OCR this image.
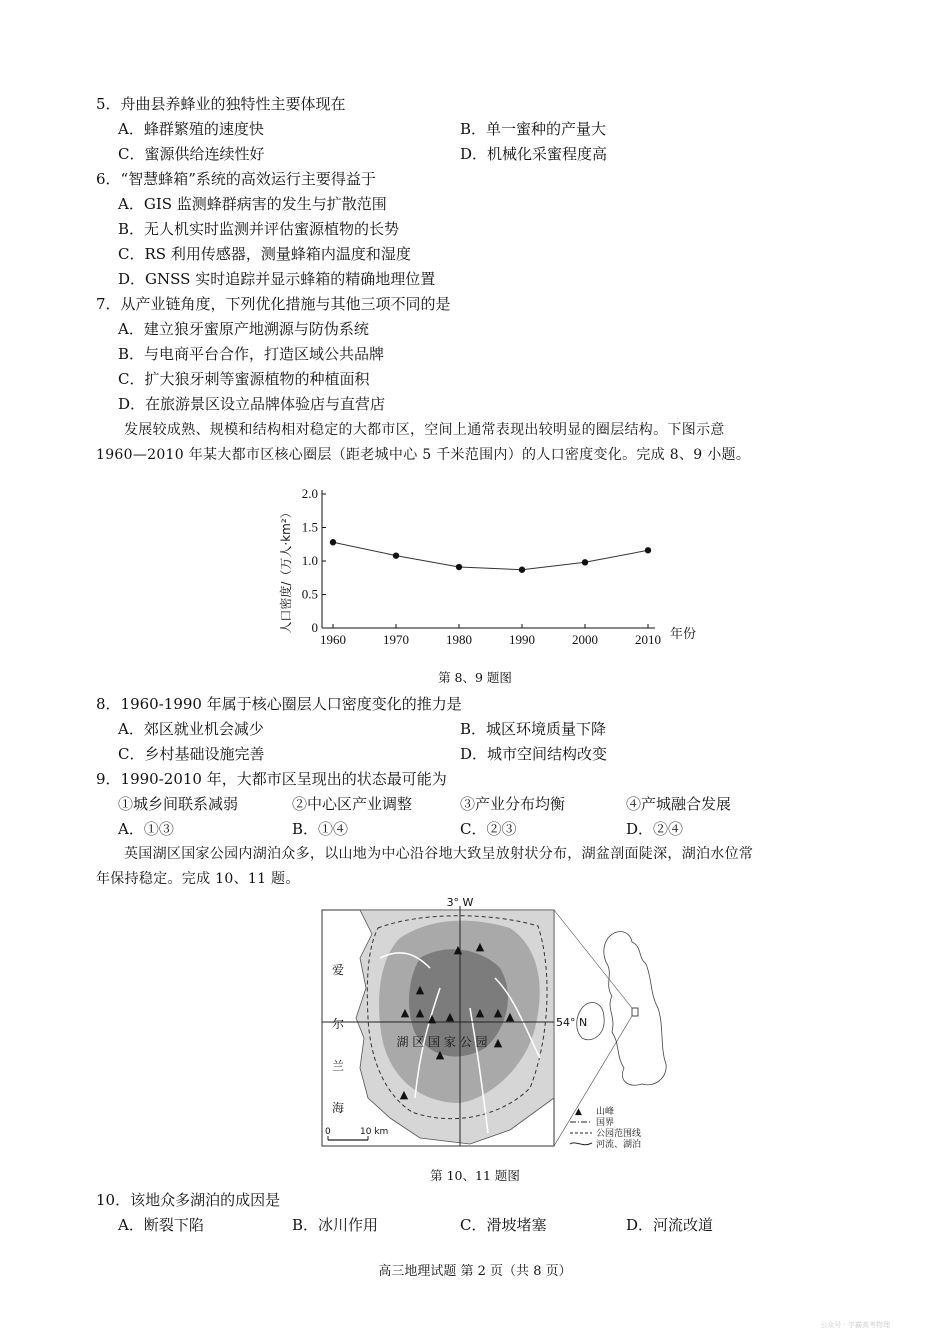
5．舟曲县养蜂业的独特性主要体现在
A．蜂群繁殖的速度快	B．单一蜜种的产量大
C．蜜源供给连续性好	D．机械化采蜜程度高
6．“智慧蜂箱”系统的高效运行主要得益于
A．GIS 监测蜂群病害的发生与扩散范围
B．无人机实时监测并评估蜜源植物的长势
C．RS 利用传感器，测量蜂箱内温度和湿度
D．GNSS 实时追踪并显示蜂箱的精确地理位置
7．从产业链角度，下列优化措施与其他三项不同的是
A．建立狼牙蜜原产地溯源与防伪系统
B．与电商平台合作，打造区域公共品牌
C．扩大狼牙刺等蜜源植物的种植面积
D．在旅游景区设立品牌体验店与直营店
发展较成熟、规模和结构相对稳定的大都市区，空间上通常表现出较明显的圈层结构。下图示意
1960—2010 年某大都市区核心圈层（距老城中心 5 千米范围内）的人口密度变化。完成 8、9 小题。
0
0.5
1.0
1.5
2.0
1960	1970	1980	1990	2000	2010
人口密度/（万人·km²）	年份
第 8、9 题图
8．1960-1990 年属于核心圈层人口密度变化的推力是
A．郊区就业机会减少	B．城区环境质量下降
C．乡村基础设施完善	D．城市空间结构改变
9．1990-2010 年，大都市区呈现出的状态最可能为
①城乡间联系减弱	②中心区产业调整	③产业分布均衡	④产城融合发展
A．①③	B．①④	C．②③	D．②④
英国湖区国家公园内湖泊众多，以山地为中心沿谷地大致呈放射状分布，湖盆剖面陡深，湖泊水位常
年保持稳定。完成 10、11 题。
▲ ▲
▲
▲ ▲ ▲ ▲ ▲ ▲ ▲
▲
▲
▲
3° W
54° N
湖 区 国 家 公 园
爱
尔
兰
海
0	10 km
▲ 山峰
国界
公园范围线
河流、湖泊
第 10、11 题图
10．该地众多湖泊的成因是
A．断裂下陷	B．冰川作用	C．滑坡堵塞	D．河流改道
高三地理试题 第 2 页（共 8 页）
公众号 · 学霸高考物理
